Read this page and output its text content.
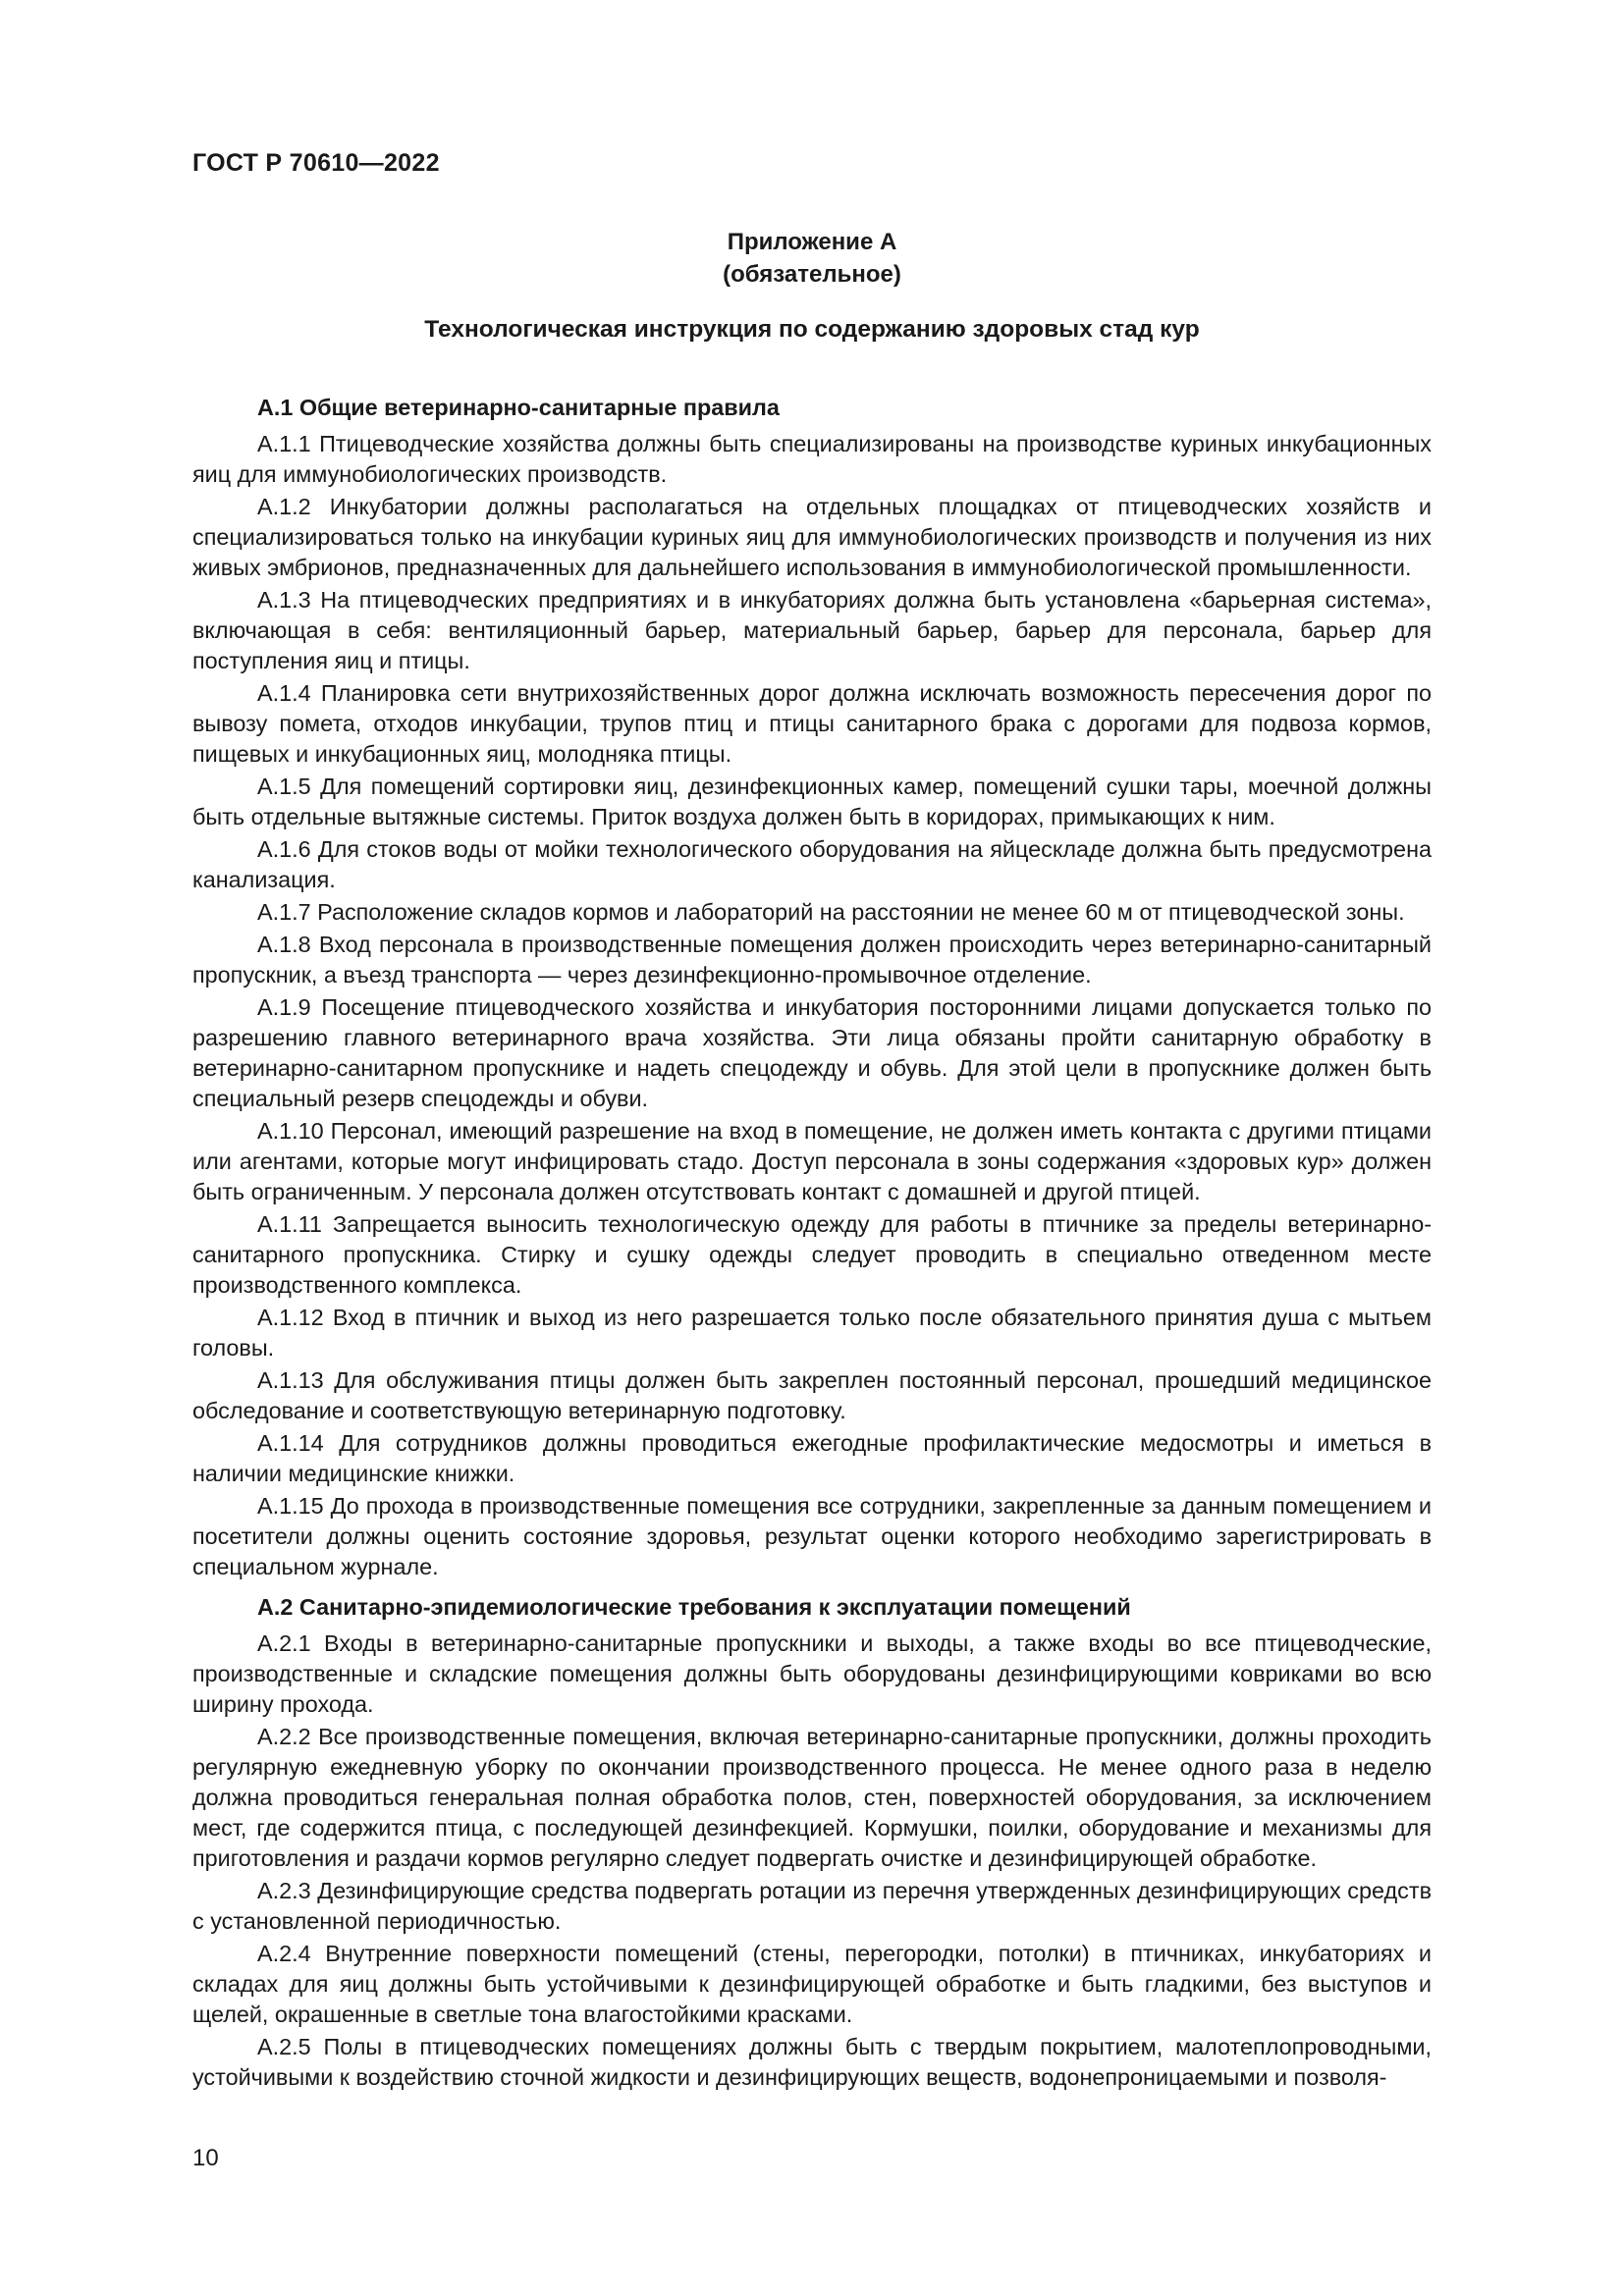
ГОСТ Р 70610—2022
Приложение А
(обязательное)
Технологическая инструкция по содержанию здоровых стад кур
А.1 Общие ветеринарно-санитарные правила

А.1.1 Птицеводческие хозяйства должны быть специализированы на производстве куриных инкубационных яиц для иммунобиологических производств.

А.1.2 Инкубатории должны располагаться на отдельных площадках от птицеводческих хозяйств и специализироваться только на инкубации куриных яиц для иммунобиологических производств и получения из них живых эмбрионов, предназначенных для дальнейшего использования в иммунобиологической промышленности.

А.1.3 На птицеводческих предприятиях и в инкубаториях должна быть установлена «барьерная система», включающая в себя: вентиляционный барьер, материальный барьер, барьер для персонала, барьер для поступления яиц и птицы.

А.1.4 Планировка сети внутрихозяйственных дорог должна исключать возможность пересечения дорог по вывозу помета, отходов инкубации, трупов птиц и птицы санитарного брака с дорогами для подвоза кормов, пищевых и инкубационных яиц, молодняка птицы.

А.1.5 Для помещений сортировки яиц, дезинфекционных камер, помещений сушки тары, моечной должны быть отдельные вытяжные системы. Приток воздуха должен быть в коридорах, примыкающих к ним.

А.1.6 Для стоков воды от мойки технологического оборудования на яйцескладе должна быть предусмотрена канализация.

А.1.7 Расположение складов кормов и лабораторий на расстоянии не менее 60 м от птицеводческой зоны.

А.1.8 Вход персонала в производственные помещения должен происходить через ветеринарно-санитарный пропускник, а въезд транспорта — через дезинфекционно-промывочное отделение.

А.1.9 Посещение птицеводческого хозяйства и инкубатория посторонними лицами допускается только по разрешению главного ветеринарного врача хозяйства. Эти лица обязаны пройти санитарную обработку в ветеринарно-санитарном пропускнике и надеть спецодежду и обувь. Для этой цели в пропускнике должен быть специальный резерв спецодежды и обуви.

А.1.10 Персонал, имеющий разрешение на вход в помещение, не должен иметь контакта с другими птицами или агентами, которые могут инфицировать стадо. Доступ персонала в зоны содержания «здоровых кур» должен быть ограниченным. У персонала должен отсутствовать контакт с домашней и другой птицей.

А.1.11 Запрещается выносить технологическую одежду для работы в птичнике за пределы ветеринарно-санитарного пропускника. Стирку и сушку одежды следует проводить в специально отведенном месте производственного комплекса.

А.1.12 Вход в птичник и выход из него разрешается только после обязательного принятия душа с мытьем головы.

А.1.13 Для обслуживания птицы должен быть закреплен постоянный персонал, прошедший медицинское обследование и соответствующую ветеринарную подготовку.

А.1.14 Для сотрудников должны проводиться ежегодные профилактические медосмотры и иметься в наличии медицинские книжки.

А.1.15 До прохода в производственные помещения все сотрудники, закрепленные за данным помещением и посетители должны оценить состояние здоровья, результат оценки которого необходимо зарегистрировать в специальном журнале.

А.2 Санитарно-эпидемиологические требования к эксплуатации помещений

А.2.1 Входы в ветеринарно-санитарные пропускники и выходы, а также входы во все птицеводческие, производственные и складские помещения должны быть оборудованы дезинфицирующими ковриками во всю ширину прохода.

А.2.2 Все производственные помещения, включая ветеринарно-санитарные пропускники, должны проходить регулярную ежедневную уборку по окончании производственного процесса. Не менее одного раза в неделю должна проводиться генеральная полная обработка полов, стен, поверхностей оборудования, за исключением мест, где содержится птица, с последующей дезинфекцией. Кормушки, поилки, оборудование и механизмы для приготовления и раздачи кормов регулярно следует подвергать очистке и дезинфицирующей обработке.

А.2.3 Дезинфицирующие средства подвергать ротации из перечня утвержденных дезинфицирующих средств с установленной периодичностью.

А.2.4 Внутренние поверхности помещений (стены, перегородки, потолки) в птичниках, инкубаториях и складах для яиц должны быть устойчивыми к дезинфицирующей обработке и быть гладкими, без выступов и щелей, окрашенные в светлые тона влагостойкими красками.

А.2.5 Полы в птицеводческих помещениях должны быть с твердым покрытием, малотеплопроводными, устойчивыми к воздействию сточной жидкости и дезинфицирующих веществ, водонепроницаемыми и позволя-

10
